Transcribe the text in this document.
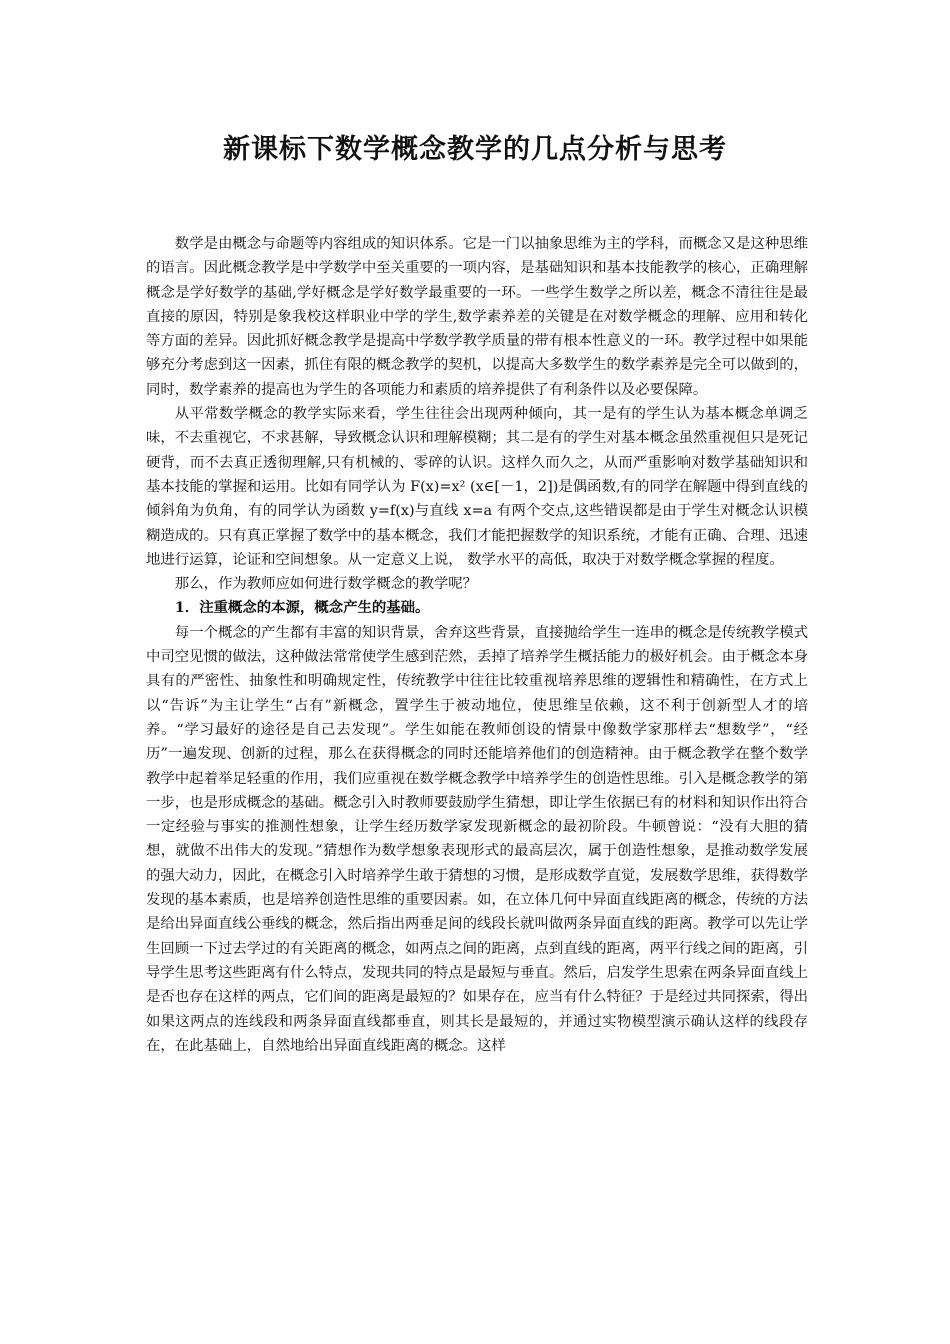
新课标下数学概念教学的几点分析与思考

数学是由概念与命题等内容组成的知识体系。它是一门以抽象思维为主的学科，而概念又是这种思维的语言。因此概念教学是中学数学中至关重要的一项内容，是基础知识和基本技能教学的核心，正确理解概念是学好数学的基础,学好概念是学好数学最重要的一环。一些学生数学之所以差，概念不清往往是最直接的原因，特别是象我校这样职业中学的学生,数学素养差的关键是在对数学概念的理解、应用和转化等方面的差异。因此抓好概念教学是提高中学数学教学质量的带有根本性意义的一环。教学过程中如果能够充分考虑到这一因素，抓住有限的概念教学的契机，以提高大多数学生的数学素养是完全可以做到的，同时，数学素养的提高也为学生的各项能力和素质的培养提供了有利条件以及必要保障。

从平常数学概念的教学实际来看，学生往往会出现两种倾向，其一是有的学生认为基本概念单调乏味，不去重视它，不求甚解，导致概念认识和理解模糊；其二是有的学生对基本概念虽然重视但只是死记硬背，而不去真正透彻理解,只有机械的、零碎的认识。这样久而久之，从而严重影响对数学基础知识和基本技能的掌握和运用。比如有同学认为 F(x)=x² (x∈[－1，2])是偶函数,有的同学在解题中得到直线的倾斜角为负角，有的同学认为函数 y=f(x)与直线 x=a 有两个交点,这些错误都是由于学生对概念认识模糊造成的。只有真正掌握了数学中的基本概念，我们才能把握数学的知识系统，才能有正确、合理、迅速地进行运算，论证和空间想象。从一定意义上说， 数学水平的高低，取决于对数学概念掌握的程度。

那么，作为教师应如何进行数学概念的教学呢？

1．注重概念的本源，概念产生的基础。

每一个概念的产生都有丰富的知识背景，舍弃这些背景，直接抛给学生一连串的概念是传统教学模式中司空见惯的做法，这种做法常常使学生感到茫然，丢掉了培养学生概括能力的极好机会。由于概念本身具有的严密性、抽象性和明确规定性，传统教学中往往比较重视培养思维的逻辑性和精确性，在方式上以“告诉”为主让学生“占有”新概念，置学生于被动地位，使思维呈依赖，这不利于创新型人才的培养。“学习最好的途径是自己去发现”。学生如能在教师创设的情景中像数学家那样去“想数学”，“经历”一遍发现、创新的过程，那么在获得概念的同时还能培养他们的创造精神。由于概念教学在整个数学教学中起着举足轻重的作用，我们应重视在数学概念教学中培养学生的创造性思维。引入是概念教学的第一步，也是形成概念的基础。概念引入时教师要鼓励学生猜想，即让学生依据已有的材料和知识作出符合一定经验与事实的推测性想象，让学生经历数学家发现新概念的最初阶段。牛顿曾说：“没有大胆的猜想，就做不出伟大的发现。”猜想作为数学想象表现形式的最高层次，属于创造性想象，是推动数学发展的强大动力，因此，在概念引入时培养学生敢于猜想的习惯，是形成数学直觉，发展数学思维，获得数学发现的基本素质，也是培养创造性思维的重要因素。如，在立体几何中异面直线距离的概念，传统的方法是给出异面直线公垂线的概念，然后指出两垂足间的线段长就叫做两条异面直线的距离。教学可以先让学生回顾一下过去学过的有关距离的概念，如两点之间的距离，点到直线的距离，两平行线之间的距离，引导学生思考这些距离有什么特点，发现共同的特点是最短与垂直。然后，启发学生思索在两条异面直线上是否也存在这样的两点，它们间的距离是最短的？如果存在，应当有什么特征？于是经过共同探索，得出如果这两点的连线段和两条异面直线都垂直，则其长是最短的，并通过实物模型演示确认这样的线段存在，在此基础上，自然地给出异面直线距离的概念。这样
